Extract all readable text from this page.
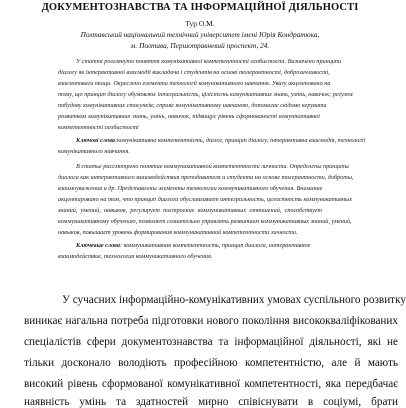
ДОКУМЕНТОЗНАВСТВА ТА ІНФОРМАЦІЙНОЇ ДІЯЛЬНОСТІ
Тур О.М.
Полтавський національний технічний університет імені Юрія Кондратюка,
м. Полтава, Першотравневий проспект, 24.
У статті розглянуто поняття комунікативної компетентності особистості. Визначено принципи
діалогу як інтерактивної взаємодії викладача і студентів на основі толерантності, доброзичливості,
взаємоповаги тощо. Окреслено елементи технології комунікативного навчання. Увагу акцентовано на
тому, що принцип діалогу обумовлює інтегральність, цілісність комунікативних знань, умінь, навичок; регулює
побудову комунікативних стосунків; сприяє комунікативному навчанню, допомагає свідомо керувати
розвитком комунікативних знань, умінь, навичок, підвищує рівень сформованості комунікативної
компетентності особистості
Ключові слова:комунікативна компетентність, діалог, принцип діалогу, інтерактивна взаємодія, технології
комунікативного навчання.
В статье рассмотрено понятие коммуникативной компетентности личности. Определены принципы
диалога как интерактивного взаимодействия преподавателя и студента на основе толерантности, доброты,
взаимоуважения и др. Представлены элементы технологии коммуникативного обучения. Внимание
акцентировано на том, что принцип диалога обуславливает интегральность, целостность коммуникативных
знаний, умений, навыков, регулирует построение коммуникативных отношений, способствует
коммуникативному обучению, позволяет сознательно управлять развитием коммуникативных знаний, умений,
навыков, повышает уровень формирования коммуникативной компетентности личности.
Ключевые слова: коммуникативная компетентность, принцип диалога, интерактивное
взаимодействие, технология коммуникативного обучения.
У сучасних інформаційно-комунікативних умовах суспільного розвитку
виникає нагальна потреба підготовки нового покоління висококваліфікованих
спеціалістів сфери документознавства та інформаційної діяльності, які не
тільки досконало володіють професійною компетентністю, але й мають
високий рівень сформованої комунікативної компетентності, яка передбачає
наявність умінь та здатностей мирно співіснувати в соціумі, брати
